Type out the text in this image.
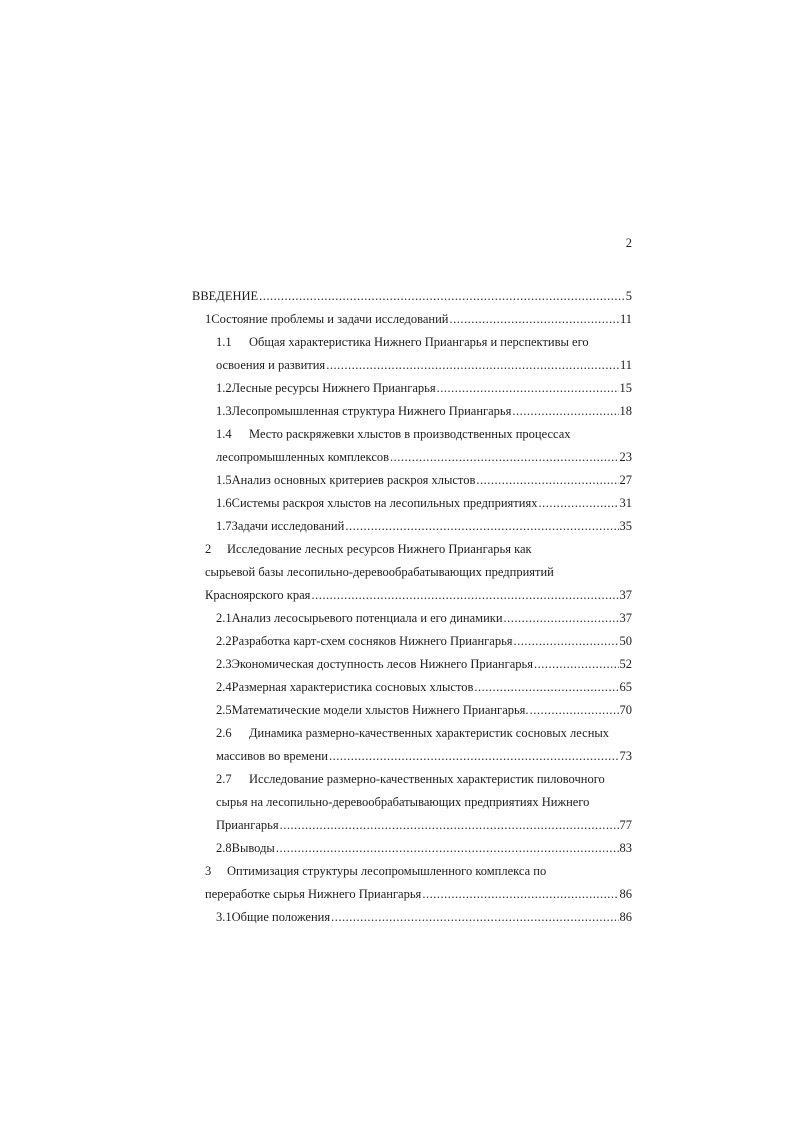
2
ВВЕДЕНИЕ .....	5
1 Состояние проблемы и задачи исследований .....	11
1.1	Общая характеристика Нижнего Приангарья и перспективы его
освоения и развития .....	11
1.2 Лесные ресурсы Нижнего Приангарья .....	15
1.3 Лесопромышленная структура Нижнего Приангарья .....	18
1.4	Место раскряжевки хлыстов в производственных процессах
лесопромышленных комплексов .....	23
1.5 Анализ основных критериев раскроя хлыстов .....	27
1.6 Системы раскроя хлыстов на лесопильных предприятиях .....	31
1.7 Задачи исследований .....	35
2	Исследование лесных ресурсов Нижнего Приангарья как
сырьевой базы лесопильно-деревообрабатывающих предприятий
Красноярского края .....	37
2.1 Анализ лесосырьевого потенциала и его динамики .....	37
2.2 Разработка карт-схем сосняков Нижнего Приангарья .....	50
2.3 Экономическая доступность лесов Нижнего Приангарья .....	52
2.4 Размерная характеристика сосновых хлыстов .....	65
2.5 Математические модели хлыстов Нижнего Приангарья. .....	70
2.6	Динамика размерно-качественных характеристик сосновых лесных
массивов во времени .....	73
2.7	Исследование размерно-качественных характеристик пиловочного
сырья на лесопильно-деревообрабатывающих предприятиях Нижнего
Приангарья .....	77
2.8 Выводы .....	83
3	Оптимизация структуры лесопромышленного комплекса по
переработке сырья Нижнего Приангарья .....	86
3.1 Общие положения .....	86
